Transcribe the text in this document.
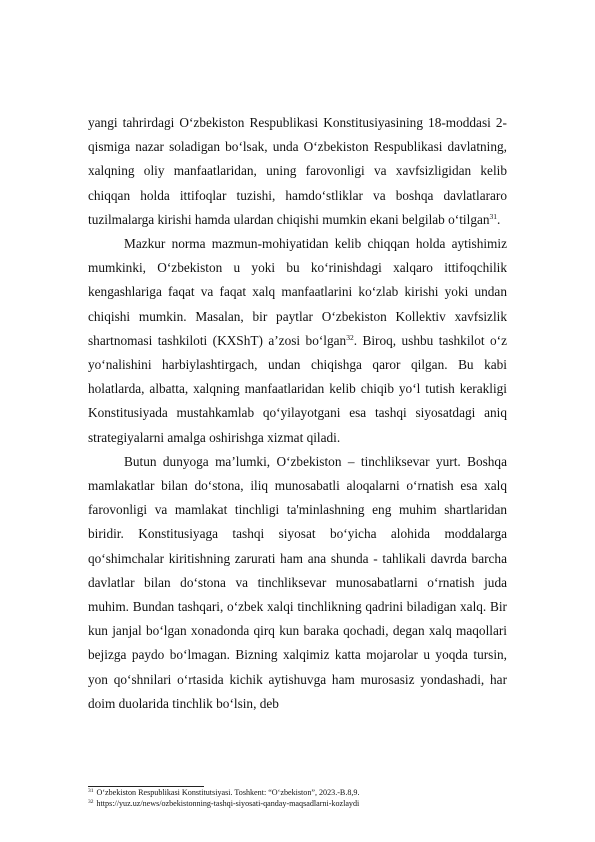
yangi tahrirdagi O‘zbekiston Respublikasi Konstitusiyasining 18-moddasi 2-qismiga nazar soladigan bo‘lsak, unda O‘zbekiston Respublikasi davlatning, xalqning oliy manfaatlaridan, uning farovonligi va xavfsizligidan kelib chiqqan holda ittifoqlar tuzishi, hamdo‘stliklar va boshqa davlatlararo tuzilmalarga kirishi hamda ulardan chiqishi mumkin ekani belgilab o‘tilgan$^{31}$.

Mazkur norma mazmun-mohiyatidan kelib chiqqan holda aytishimiz mumkinki, O‘zbekiston u yoki bu ko‘rinishdagi xalqaro ittifoqchilik kengashlariga faqat va faqat xalq manfaatlarini ko‘zlab kirishi yoki undan chiqishi mumkin. Masalan, bir paytlar O‘zbekiston Kollektiv xavfsizlik shartnomasi tashkiloti (KXShT) a’zosi bo‘lgan$^{32}$. Biroq, ushbu tashkilot o‘z yo‘nalishini harbiylashtirgach, undan chiqishga qaror qilgan. Bu kabi holatlarda, albatta, xalqning manfaatlaridan kelib chiqib yo‘l tutish kerakligi Konstitusiyada mustahkamlab qo‘yilayotgani esa tashqi siyosatdagi aniq strategiyalarni amalga oshirishga xizmat qiladi.

Butun dunyoga ma’lumki, O‘zbekiston – tinchliksevar yurt. Boshqa mamlakatlar bilan do‘stona, iliq munosabatli aloqalarni o‘rnatish esa xalq farovonligi va mamlakat tinchligi ta'minlashning eng muhim shartlaridan biridir. Konstitusiyaga tashqi siyosat bo‘yicha alohida moddalarga qo‘shimchalar kiritishning zarurati ham ana shunda - tahlikali davrda barcha davlatlar bilan do‘stona va tinchliksevar munosabatlarni o‘rnatish juda muhim. Bundan tashqari, o‘zbek xalqi tinchlikning qadrini biladigan xalq. Bir kun janjal bo‘lgan xonadonda qirq kun baraka qochadi, degan xalq maqollari bejizga paydo bo‘lmagan. Bizning xalqimiz katta mojarolar u yoqda tursin, yon qo‘shnilari o‘rtasida kichik aytishuvga ham murosasiz yondashadi, har doim duolarida tinchlik bo‘lsin, deb

$^{31}$ O‘zbekiston Respublikasi Konstitutsiyasi. Toshkent: “O‘zbekiston”, 2023.-B.8,9.
$^{32}$ https://yuz.uz/news/ozbekistonning-tashqi-siyosati-qanday-maqsadlarni-kozlaydi
